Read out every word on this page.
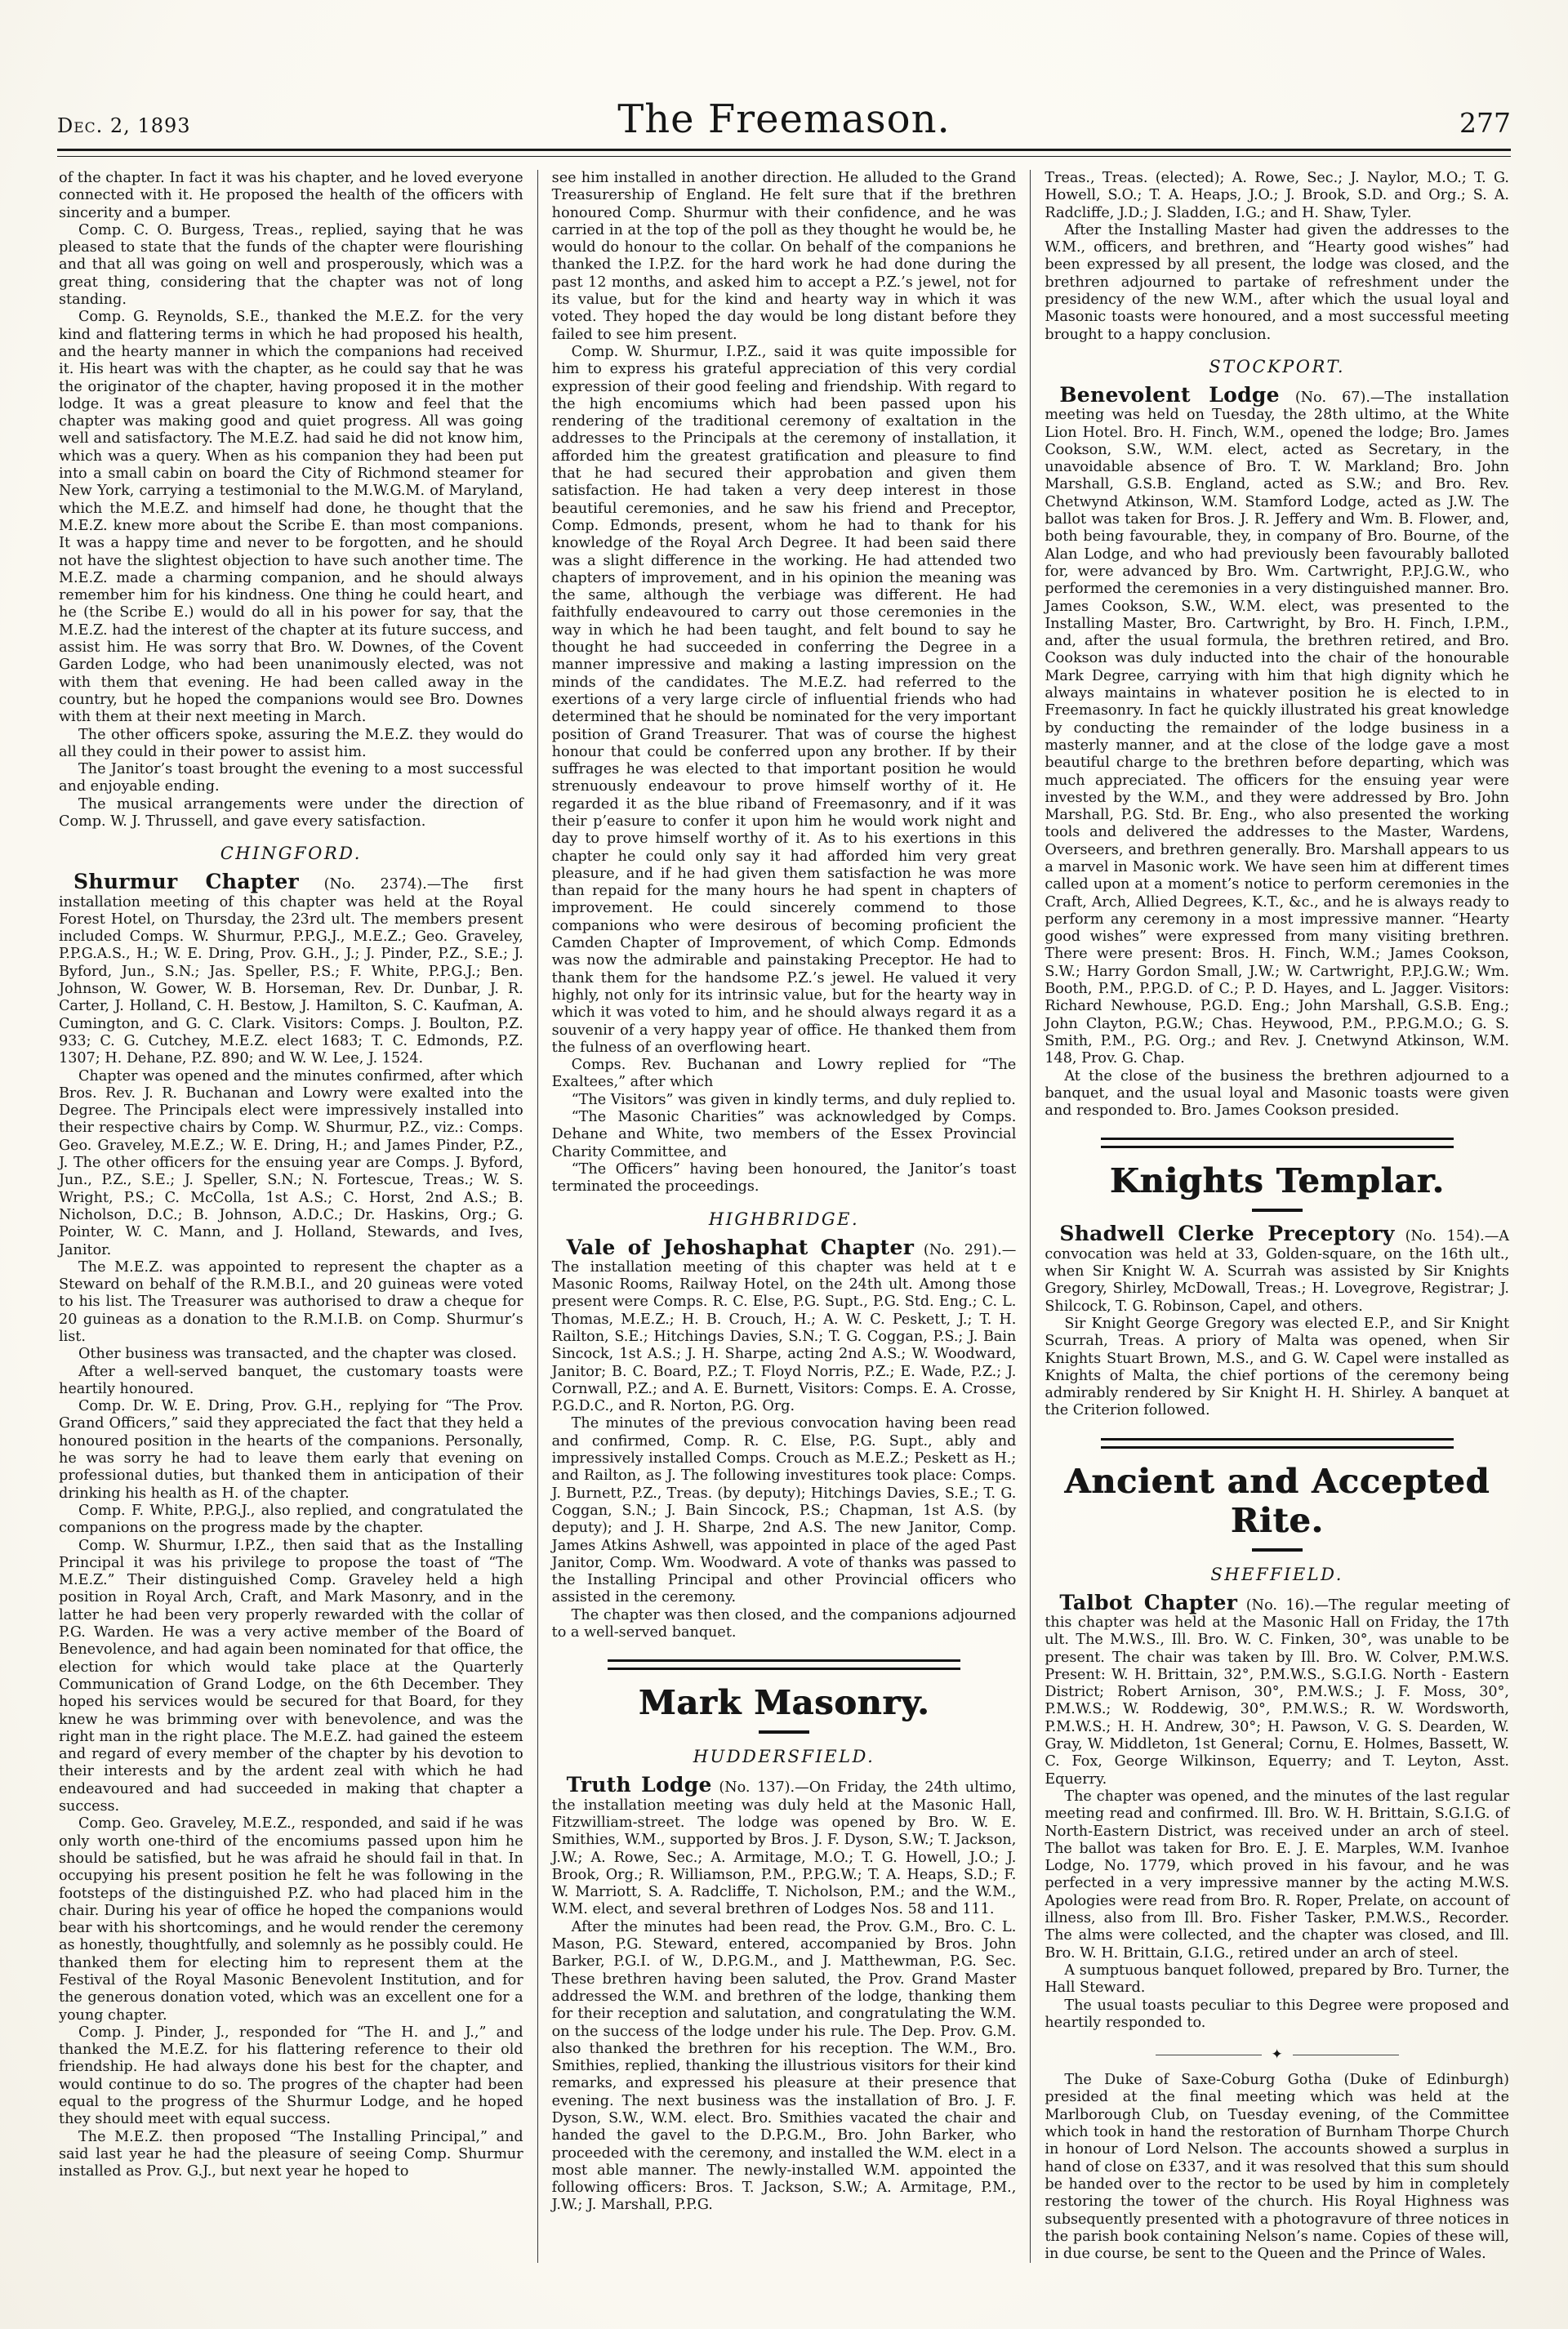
Dec. 2, 1893	The Freemason.	277

of the chapter. In fact it was his chapter, and he loved everyone connected with it. He proposed the health of the officers with sincerity and a bumper.

Comp. C. O. Burgess, Treas., replied, saying that he was pleased to state that the funds of the chapter were flourishing and that all was going on well and prosperously, which was a great thing, considering that the chapter was not of long standing.

Comp. G. Reynolds, S.E., thanked the M.E.Z. for the very kind and flattering terms in which he had proposed his health, and the hearty manner in which the companions had received it. His heart was with the chapter, as he could say that he was the originator of the chapter, having proposed it in the mother lodge. It was a great pleasure to know and feel that the chapter was making good and quiet progress. All was going well and satisfactory. The M.E.Z. had said he did not know him, which was a query. When as his companion they had been put into a small cabin on board the City of Richmond steamer for New York, carrying a testimonial to the M.W.G.M. of Maryland, which the M.E.Z. and himself had done, he thought that the M.E.Z. knew more about the Scribe E. than most companions. It was a happy time and never to be forgotten, and he should not have the slightest objection to have such another time. The M.E.Z. made a charming companion, and he should always remember him for his kindness. One thing he could heart, and he (the Scribe E.) would do all in his power for say, that the M.E.Z. had the interest of the chapter at its future success, and assist him. He was sorry that Bro. W. Downes, of the Covent Garden Lodge, who had been unanimously elected, was not with them that evening. He had been called away in the country, but he hoped the companions would see Bro. Downes with them at their next meeting in March.

The other officers spoke, assuring the M.E.Z. they would do all they could in their power to assist him.

The Janitor’s toast brought the evening to a most successful and enjoyable ending.

The musical arrangements were under the direction of Comp. W. J. Thrussell, and gave every satisfaction.

CHINGFORD.

Shurmur Chapter (No. 2374).—The first installation meeting of this chapter was held at the Royal Forest Hotel, on Thursday, the 23rd ult. The members present included Comps. W. Shurmur, P.P.G.J., M.E.Z.; Geo. Graveley, P.P.G.A.S., H.; W. E. Dring, Prov. G.H., J.; J. Pinder, P.Z., S.E.; J. Byford, Jun., S.N.; Jas. Speller, P.S.; F. White, P.P.G.J.; Ben. Johnson, W. Gower, W. B. Horseman, Rev. Dr. Dunbar, J. R. Carter, J. Holland, C. H. Bestow, J. Hamilton, S. C. Kaufman, A. Cumington, and G. C. Clark. Visitors: Comps. J. Boulton, P.Z. 933; C. G. Cutchey, M.E.Z. elect 1683; T. C. Edmonds, P.Z. 1307; H. Dehane, P.Z. 890; and W. W. Lee, J. 1524.

Chapter was opened and the minutes confirmed, after which Bros. Rev. J. R. Buchanan and Lowry were exalted into the Degree. The Principals elect were impressively installed into their respective chairs by Comp. W. Shurmur, P.Z., viz.: Comps. Geo. Graveley, M.E.Z.; W. E. Dring, H.; and James Pinder, P.Z., J. The other officers for the ensuing year are Comps. J. Byford, Jun., P.Z., S.E.; J. Speller, S.N.; N. Fortescue, Treas.; W. S. Wright, P.S.; C. McColla, 1st A.S.; C. Horst, 2nd A.S.; B. Nicholson, D.C.; B. Johnson, A.D.C.; Dr. Haskins, Org.; G. Pointer, W. C. Mann, and J. Holland, Stewards, and Ives, Janitor.

The M.E.Z. was appointed to represent the chapter as a Steward on behalf of the R.M.B.I., and 20 guineas were voted to his list. The Treasurer was authorised to draw a cheque for 20 guineas as a donation to the R.M.I.B. on Comp. Shurmur’s list.

Other business was transacted, and the chapter was closed.

After a well-served banquet, the customary toasts were heartily honoured.

Comp. Dr. W. E. Dring, Prov. G.H., replying for “The Prov. Grand Officers,” said they appreciated the fact that they held a honoured position in the hearts of the companions. Personally, he was sorry he had to leave them early that evening on professional duties, but thanked them in anticipation of their drinking his health as H. of the chapter.

Comp. F. White, P.P.G.J., also replied, and congratulated the companions on the progress made by the chapter.

Comp. W. Shurmur, I.P.Z., then said that as the Installing Principal it was his privilege to propose the toast of “The M.E.Z.” Their distinguished Comp. Graveley held a high position in Royal Arch, Craft, and Mark Masonry, and in the latter he had been very properly rewarded with the collar of P.G. Warden. He was a very active member of the Board of Benevolence, and had again been nominated for that office, the election for which would take place at the Quarterly Communication of Grand Lodge, on the 6th December. They hoped his services would be secured for that Board, for they knew he was brimming over with benevolence, and was the right man in the right place. The M.E.Z. had gained the esteem and regard of every member of the chapter by his devotion to their interests and by the ardent zeal with which he had endeavoured and had succeeded in making that chapter a success.

Comp. Geo. Graveley, M.E.Z., responded, and said if he was only worth one-third of the encomiums passed upon him he should be satisfied, but he was afraid he should fail in that. In occupying his present position he felt he was following in the footsteps of the distinguished P.Z. who had placed him in the chair. During his year of office he hoped the companions would bear with his shortcomings, and he would render the ceremony as honestly, thoughtfully, and solemnly as he possibly could. He thanked them for electing him to represent them at the Festival of the Royal Masonic Benevolent Institution, and for the generous donation voted, which was an excellent one for a young chapter.

Comp. J. Pinder, J., responded for “The H. and J.,” and thanked the M.E.Z. for his flattering reference to their old friendship. He had always done his best for the chapter, and would continue to do so. The progres of the chapter had been equal to the progress of the Shurmur Lodge, and he hoped they should meet with equal success.

The M.E.Z. then proposed “The Installing Principal,” and said last year he had the pleasure of seeing Comp. Shurmur installed as Prov. G.J., but next year he hoped to

see him installed in another direction. He alluded to the Grand Treasurership of England. He felt sure that if the brethren honoured Comp. Shurmur with their confidence, and he was carried in at the top of the poll as they thought he would be, he would do honour to the collar. On behalf of the companions he thanked the I.P.Z. for the hard work he had done during the past 12 months, and asked him to accept a P.Z.’s jewel, not for its value, but for the kind and hearty way in which it was voted. They hoped the day would be long distant before they failed to see him present.

Comp. W. Shurmur, I.P.Z., said it was quite impossible for him to express his grateful appreciation of this very cordial expression of their good feeling and friendship. With regard to the high encomiums which had been passed upon his rendering of the traditional ceremony of exaltation in the addresses to the Principals at the ceremony of installation, it afforded him the greatest gratification and pleasure to find that he had secured their approbation and given them satisfaction. He had taken a very deep interest in those beautiful ceremonies, and he saw his friend and Preceptor, Comp. Edmonds, present, whom he had to thank for his knowledge of the Royal Arch Degree. It had been said there was a slight difference in the working. He had attended two chapters of improvement, and in his opinion the meaning was the same, although the verbiage was different. He had faithfully endeavoured to carry out those ceremonies in the way in which he had been taught, and felt bound to say he thought he had succeeded in conferring the Degree in a manner impressive and making a lasting impression on the minds of the candidates. The M.E.Z. had referred to the exertions of a very large circle of influential friends who had determined that he should be nominated for the very important position of Grand Treasurer. That was of course the highest honour that could be conferred upon any brother. If by their suffrages he was elected to that important position he would strenuously endeavour to prove himself worthy of it. He regarded it as the blue riband of Freemasonry, and if it was their p’easure to confer it upon him he would work night and day to prove himself worthy of it. As to his exertions in this chapter he could only say it had afforded him very great pleasure, and if he had given them satisfaction he was more than repaid for the many hours he had spent in chapters of improvement. He could sincerely commend to those companions who were desirous of becoming proficient the Camden Chapter of Improvement, of which Comp. Edmonds was now the admirable and painstaking Preceptor. He had to thank them for the handsome P.Z.’s jewel. He valued it very highly, not only for its intrinsic value, but for the hearty way in which it was voted to him, and he should always regard it as a souvenir of a very happy year of office. He thanked them from the fulness of an overflowing heart.

Comps. Rev. Buchanan and Lowry replied for “The Exaltees,” after which

“The Visitors” was given in kindly terms, and duly replied to.

“The Masonic Charities” was acknowledged by Comps. Dehane and White, two members of the Essex Provincial Charity Committee, and

“The Officers” having been honoured, the Janitor’s toast terminated the proceedings.

HIGHBRIDGE.

Vale of Jehoshaphat Chapter (No. 291).—The installation meeting of this chapter was held at t e Masonic Rooms, Railway Hotel, on the 24th ult. Among those present were Comps. R. C. Else, P.G. Supt., P.G. Std. Eng.; C. L. Thomas, M.E.Z.; H. B. Crouch, H.; A. W. C. Peskett, J.; T. H. Railton, S.E.; Hitchings Davies, S.N.; T. G. Coggan, P.S.; J. Bain Sincock, 1st A.S.; J. H. Sharpe, acting 2nd A.S.; W. Woodward, Janitor; B. C. Board, P.Z.; T. Floyd Norris, P.Z.; E. Wade, P.Z.; J. Cornwall, P.Z.; and A. E. Burnett, Visitors: Comps. E. A. Crosse, P.G.D.C., and R. Norton, P.G. Org.

The minutes of the previous convocation having been read and confirmed, Comp. R. C. Else, P.G. Supt., ably and impressively installed Comps. Crouch as M.E.Z.; Peskett as H.; and Railton, as J. The following investitures took place: Comps. J. Burnett, P.Z., Treas. (by deputy); Hitchings Davies, S.E.; T. G. Coggan, S.N.; J. Bain Sincock, P.S.; Chapman, 1st A.S. (by deputy); and J. H. Sharpe, 2nd A.S. The new Janitor, Comp. James Atkins Ashwell, was appointed in place of the aged Past Janitor, Comp. Wm. Woodward. A vote of thanks was passed to the Installing Principal and other Provincial officers who assisted in the ceremony.

The chapter was then closed, and the companions adjourned to a well-served banquet.

Mark Masonry.
HUDDERSFIELD.

Truth Lodge (No. 137).—On Friday, the 24th ultimo, the installation meeting was duly held at the Masonic Hall, Fitzwilliam-street. The lodge was opened by Bro. W. E. Smithies, W.M., supported by Bros. J. F. Dyson, S.W.; T. Jackson, J.W.; A. Rowe, Sec.; A. Armitage, M.O.; T. G. Howell, J.O.; J. Brook, Org.; R. Williamson, P.M., P.P.G.W.; T. A. Heaps, S.D.; F. W. Marriott, S. A. Radcliffe, T. Nicholson, P.M.; and the W.M., W.M. elect, and several brethren of Lodges Nos. 58 and 111.

After the minutes had been read, the Prov. G.M., Bro. C. L. Mason, P.G. Steward, entered, accompanied by Bros. John Barker, P.G.I. of W., D.P.G.M., and J. Matthewman, P.G. Sec. These brethren having been saluted, the Prov. Grand Master addressed the W.M. and brethren of the lodge, thanking them for their reception and salutation, and congratulating the W.M. on the success of the lodge under his rule. The Dep. Prov. G.M. also thanked the brethren for his reception. The W.M., Bro. Smithies, replied, thanking the illustrious visitors for their kind remarks, and expressed his pleasure at their presence that evening. The next business was the installation of Bro. J. F. Dyson, S.W., W.M. elect. Bro. Smithies vacated the chair and handed the gavel to the D.P.G.M., Bro. John Barker, who proceeded with the ceremony, and installed the W.M. elect in a most able manner. The newly-installed W.M. appointed the following officers: Bros. T. Jackson, S.W.; A. Armitage, P.M., J.W.; J. Marshall, P.P.G.

Treas., Treas. (elected); A. Rowe, Sec.; J. Naylor, M.O.; T. G. Howell, S.O.; T. A. Heaps, J.O.; J. Brook, S.D. and Org.; S. A. Radcliffe, J.D.; J. Sladden, I.G.; and H. Shaw, Tyler.

After the Installing Master had given the addresses to the W.M., officers, and brethren, and “Hearty good wishes” had been expressed by all present, the lodge was closed, and the brethren adjourned to partake of refreshment under the presidency of the new W.M., after which the usual loyal and Masonic toasts were honoured, and a most successful meeting brought to a happy conclusion.

STOCKPORT.

Benevolent Lodge (No. 67).—The installation meeting was held on Tuesday, the 28th ultimo, at the White Lion Hotel. Bro. H. Finch, W.M., opened the lodge; Bro. James Cookson, S.W., W.M. elect, acted as Secretary, in the unavoidable absence of Bro. T. W. Markland; Bro. John Marshall, G.S.B. England, acted as S.W.; and Bro. Rev. Chetwynd Atkinson, W.M. Stamford Lodge, acted as J.W. The ballot was taken for Bros. J. R. Jeffery and Wm. B. Flower, and, both being favourable, they, in company of Bro. Bourne, of the Alan Lodge, and who had previously been favourably balloted for, were advanced by Bro. Wm. Cartwright, P.P.J.G.W., who performed the ceremonies in a very distinguished manner. Bro. James Cookson, S.W., W.M. elect, was presented to the Installing Master, Bro. Cartwright, by Bro. H. Finch, I.P.M., and, after the usual formula, the brethren retired, and Bro. Cookson was duly inducted into the chair of the honourable Mark Degree, carrying with him that high dignity which he always maintains in whatever position he is elected to in Freemasonry. In fact he quickly illustrated his great knowledge by conducting the remainder of the lodge business in a masterly manner, and at the close of the lodge gave a most beautiful charge to the brethren before departing, which was much appreciated. The officers for the ensuing year were invested by the W.M., and they were addressed by Bro. John Marshall, P.G. Std. Br. Eng., who also presented the working tools and delivered the addresses to the Master, Wardens, Overseers, and brethren generally. Bro. Marshall appears to us a marvel in Masonic work. We have seen him at different times called upon at a moment’s notice to perform ceremonies in the Craft, Arch, Allied Degrees, K.T., &c., and he is always ready to perform any ceremony in a most impressive manner. “Hearty good wishes” were expressed from many visiting brethren. There were present: Bros. H. Finch, W.M.; James Cookson, S.W.; Harry Gordon Small, J.W.; W. Cartwright, P.P.J.G.W.; Wm. Booth, P.M., P.P.G.D. of C.; P. D. Hayes, and L. Jagger. Visitors: Richard Newhouse, P.G.D. Eng.; John Marshall, G.S.B. Eng.; John Clayton, P.G.W.; Chas. Heywood, P.M., P.P.G.M.O.; G. S. Smith, P.M., P.G. Org.; and Rev. J. Cnetwynd Atkinson, W.M. 148, Prov. G. Chap.

At the close of the business the brethren adjourned to a banquet, and the usual loyal and Masonic toasts were given and responded to. Bro. James Cookson presided.

Knights Templar.

Shadwell Clerke Preceptory (No. 154).—A convocation was held at 33, Golden-square, on the 16th ult., when Sir Knight W. A. Scurrah was assisted by Sir Knights Gregory, Shirley, McDowall, Treas.; H. Lovegrove, Registrar; J. Shilcock, T. G. Robinson, Capel, and others.

Sir Knight George Gregory was elected E.P., and Sir Knight Scurrah, Treas. A priory of Malta was opened, when Sir Knights Stuart Brown, M.S., and G. W. Capel were installed as Knights of Malta, the chief portions of the ceremony being admirably rendered by Sir Knight H. H. Shirley. A banquet at the Criterion followed.

Ancient and Accepted Rite.
SHEFFIELD.

Talbot Chapter (No. 16).—The regular meeting of this chapter was held at the Masonic Hall on Friday, the 17th ult. The M.W.S., Ill. Bro. W. C. Finken, 30°, was unable to be present. The chair was taken by Ill. Bro. W. Colver, P.M.W.S. Present: W. H. Brittain, 32°, P.M.W.S., S.G.I.G. North - Eastern District; Robert Arnison, 30°, P.M.W.S.; J. F. Moss, 30°, P.M.W.S.; W. Roddewig, 30°, P.M.W.S.; R. W. Wordsworth, P.M.W.S.; H. H. Andrew, 30°; H. Pawson, V. G. S. Dearden, W. Gray, W. Middleton, 1st General; Cornu, E. Holmes, Bassett, W. C. Fox, George Wilkinson, Equerry; and T. Leyton, Asst. Equerry.

The chapter was opened, and the minutes of the last regular meeting read and confirmed. Ill. Bro. W. H. Brittain, S.G.I.G. of North-Eastern District, was received under an arch of steel. The ballot was taken for Bro. E. J. E. Marples, W.M. Ivanhoe Lodge, No. 1779, which proved in his favour, and he was perfected in a very impressive manner by the acting M.W.S. Apologies were read from Bro. R. Roper, Prelate, on account of illness, also from Ill. Bro. Fisher Tasker, P.M.W.S., Recorder. The alms were collected, and the chapter was closed, and Ill. Bro. W. H. Brittain, G.I.G., retired under an arch of steel.

A sumptuous banquet followed, prepared by Bro. Turner, the Hall Steward.

The usual toasts peculiar to this Degree were proposed and heartily responded to.

✦

The Duke of Saxe-Coburg Gotha (Duke of Edinburgh) presided at the final meeting which was held at the Marlborough Club, on Tuesday evening, of the Committee which took in hand the restoration of Burnham Thorpe Church in honour of Lord Nelson. The accounts showed a surplus in hand of close on £337, and it was resolved that this sum should be handed over to the rector to be used by him in completely restoring the tower of the church. His Royal Highness was subsequently presented with a photogravure of three notices in the parish book containing Nelson’s name. Copies of these will, in due course, be sent to the Queen and the Prince of Wales.
